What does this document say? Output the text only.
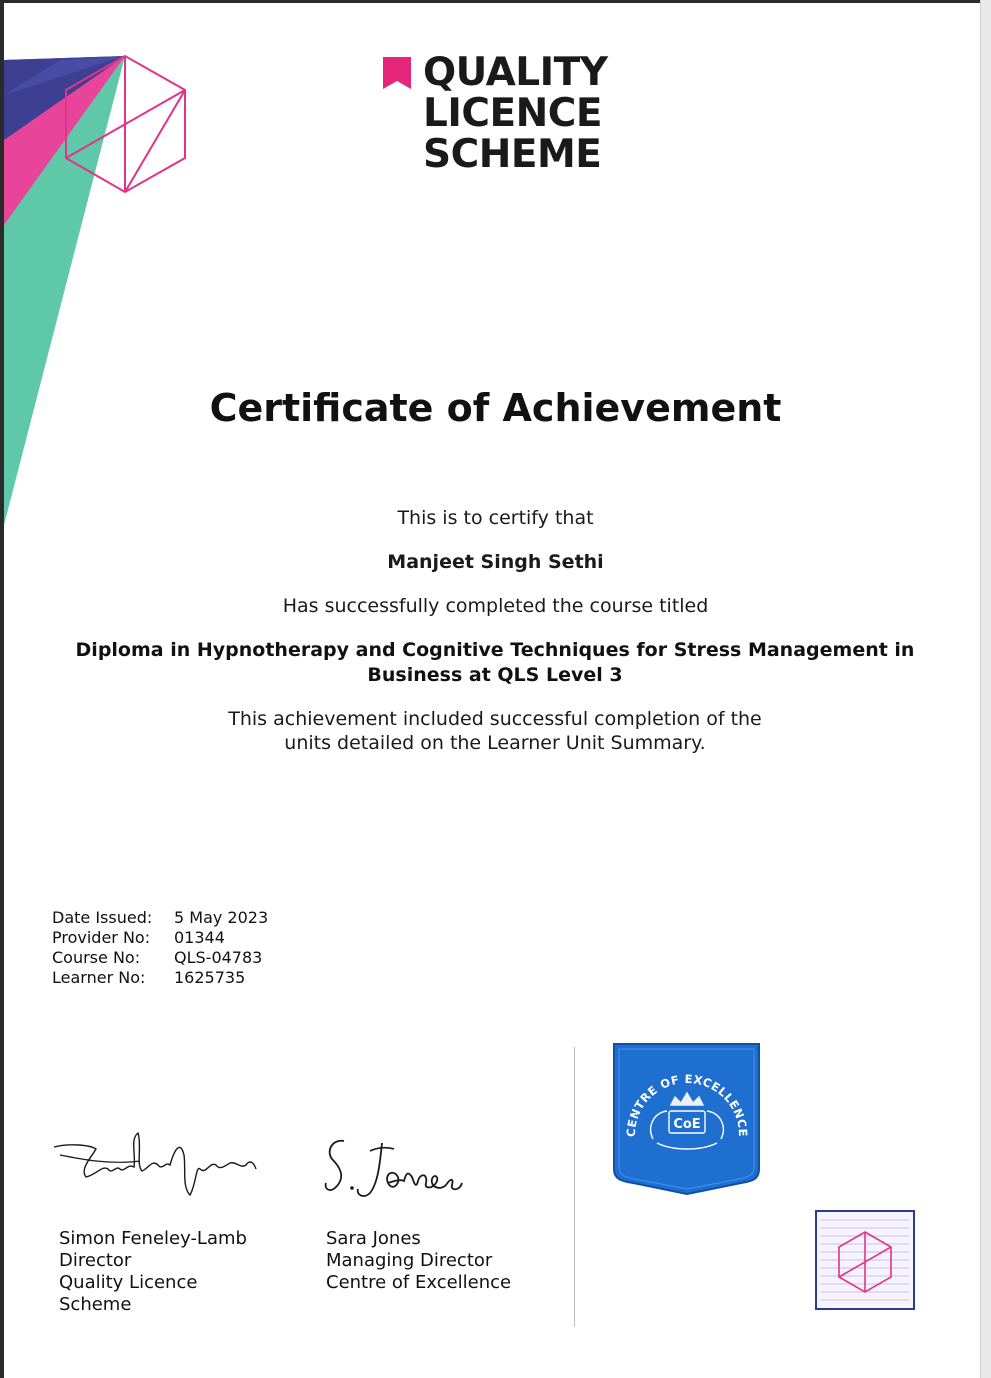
QUALITY
LICENCE
SCHEME
Certificate of Achievement
This is to certify that
Manjeet Singh Sethi
Has successfully completed the course titled
Diploma in Hypnotherapy and Cognitive Techniques for Stress Management in
Business at QLS Level 3
This achievement included successful completion of the
units detailed on the Learner Unit Summary.
Date Issued:	5 May 2023
Provider No:	01344
Course No:	QLS-04783
Learner No:	1625735
Simon Feneley-Lamb
Director
Quality Licence
Scheme
Sara Jones
Managing Director
Centre of Excellence
CENTRE OF EXCELLENCE
CoE
